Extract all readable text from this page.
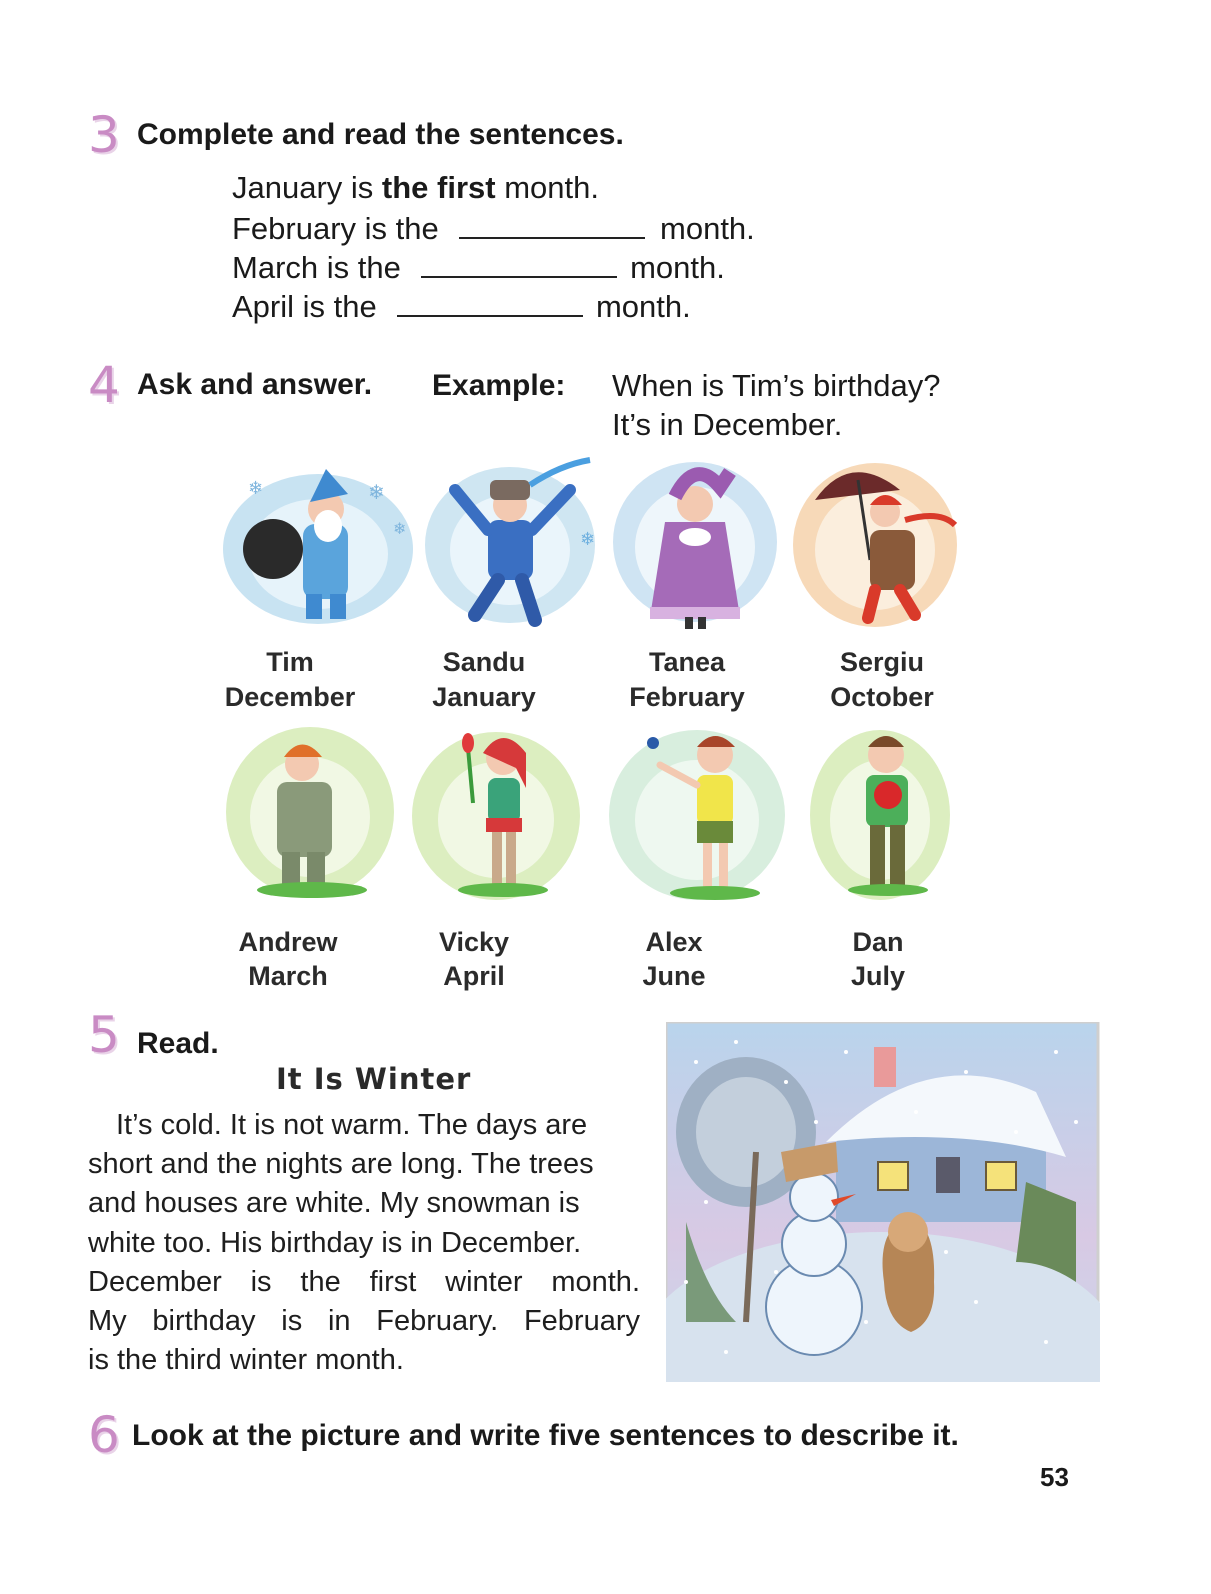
3 Complete and read the sentences.
January is the first month.
February is the	month.
March is the	month.
April is the	month.
4 Ask and answer. Example: When is Tim’s birthday?
It’s in December.
❄	❄
❄
❄
Tim
December
Sandu
January
Tanea
February
Sergiu
October
Andrew
March
Vicky
April
Alex
June
Dan
July
5 Read.
It Is Winter
It’s cold. It is not warm. The days are
short and the nights are long. The trees
and houses are white. My snowman is
white too. His birthday is in December.
December is the first winter month.
My birthday is in February. February
is the third winter month.
6 Look at the picture and write five sentences to describe it.
53
